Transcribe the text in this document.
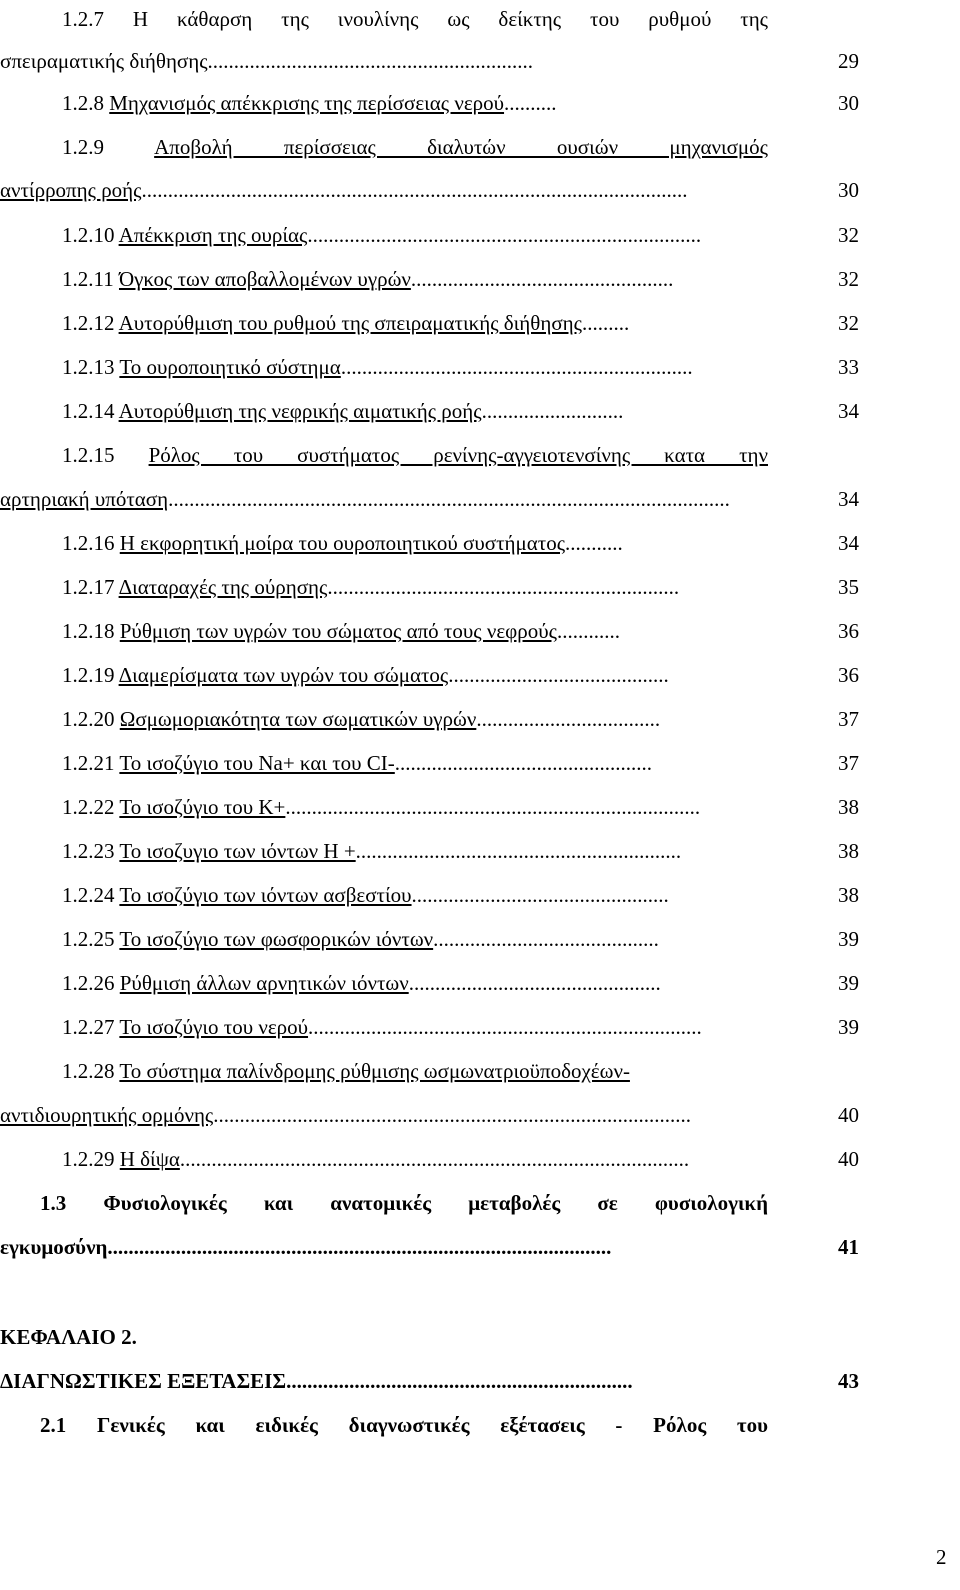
1.2.7 Η κάθαρση της ινουλίνης ως δείκτης του ρυθμού της
σπειραματικής διήθησης..............................................................	29
1.2.8 Μηχανισμός απέκκρισης της περίσσειας νερού..........	30
1.2.9 Αποβολή περίσσειας διαλυτών ουσιών μηχανισμός
αντίρροπης ροής........................................................................................................	30
1.2.10 Απέκκριση της ουρίας...........................................................................	32
1.2.11 Όγκος των αποβαλλομένων υγρών..................................................	32
1.2.12 Αυτορύθμιση του ρυθμού της σπειραματικής διήθησης.........	32
1.2.13 Το ουροποιητικό σύστημα...................................................................	33
1.2.14 Αυτορύθμιση της νεφρικής αιματικής ροής...........................	34
1.2.15 Ρόλος του συστήματος ρενίνης-αγγειοτενσίνης κατα την
αρτηριακή υπόταση...........................................................................................................	34
1.2.16 Η εκφορητική μοίρα του ουροποιητικού συστήματος...........	34
1.2.17 Διαταραχές της ούρησης...................................................................	35
1.2.18 Ρύθμιση των υγρών του σώματος από τους νεφρούς............	36
1.2.19 Διαμερίσματα των υγρών του σώματος..........................................	36
1.2.20 Ωσμωμοριακότητα των σωματικών υγρών...................................	37
1.2.21 Το ισοζύγιο του Na+ και του CI-.................................................	37
1.2.22 Το ισοζύγιο του Κ+...............................................................................	38
1.2.23 Το ισοζυγιο των ιόντων Η +..............................................................	38
1.2.24 Το ισοζύγιο των ιόντων ασβεστίου.................................................	38
1.2.25 Το ισοζύγιο των φωσφορικών ιόντων...........................................	39
1.2.26 Ρύθμιση άλλων αρνητικών ιόντων................................................	39
1.2.27 Το ισοζύγιο του νερού...........................................................................	39
1.2.28 Το σύστημα παλίνδρομης ρύθμισης ωσμωνατριοϋποδοχέων-
αντιδιουρητικής ορμόνης...........................................................................................	40
1.2.29 Η δίψα.................................................................................................	40
1.3 Φυσιολογικές και ανατομικές μεταβολές σε φυσιολογική
εγκυμοσύνη................................................................................................	41
ΚΕΦΑΛΑΙΟ 2.
ΔΙΑΓΝΩΣΤΙΚΕΣ ΕΞΕΤΑΣΕΙΣ..................................................................	43
2.1 Γενικές και ειδικές διαγνωστικές εξέτασεις - Ρόλος του
2
